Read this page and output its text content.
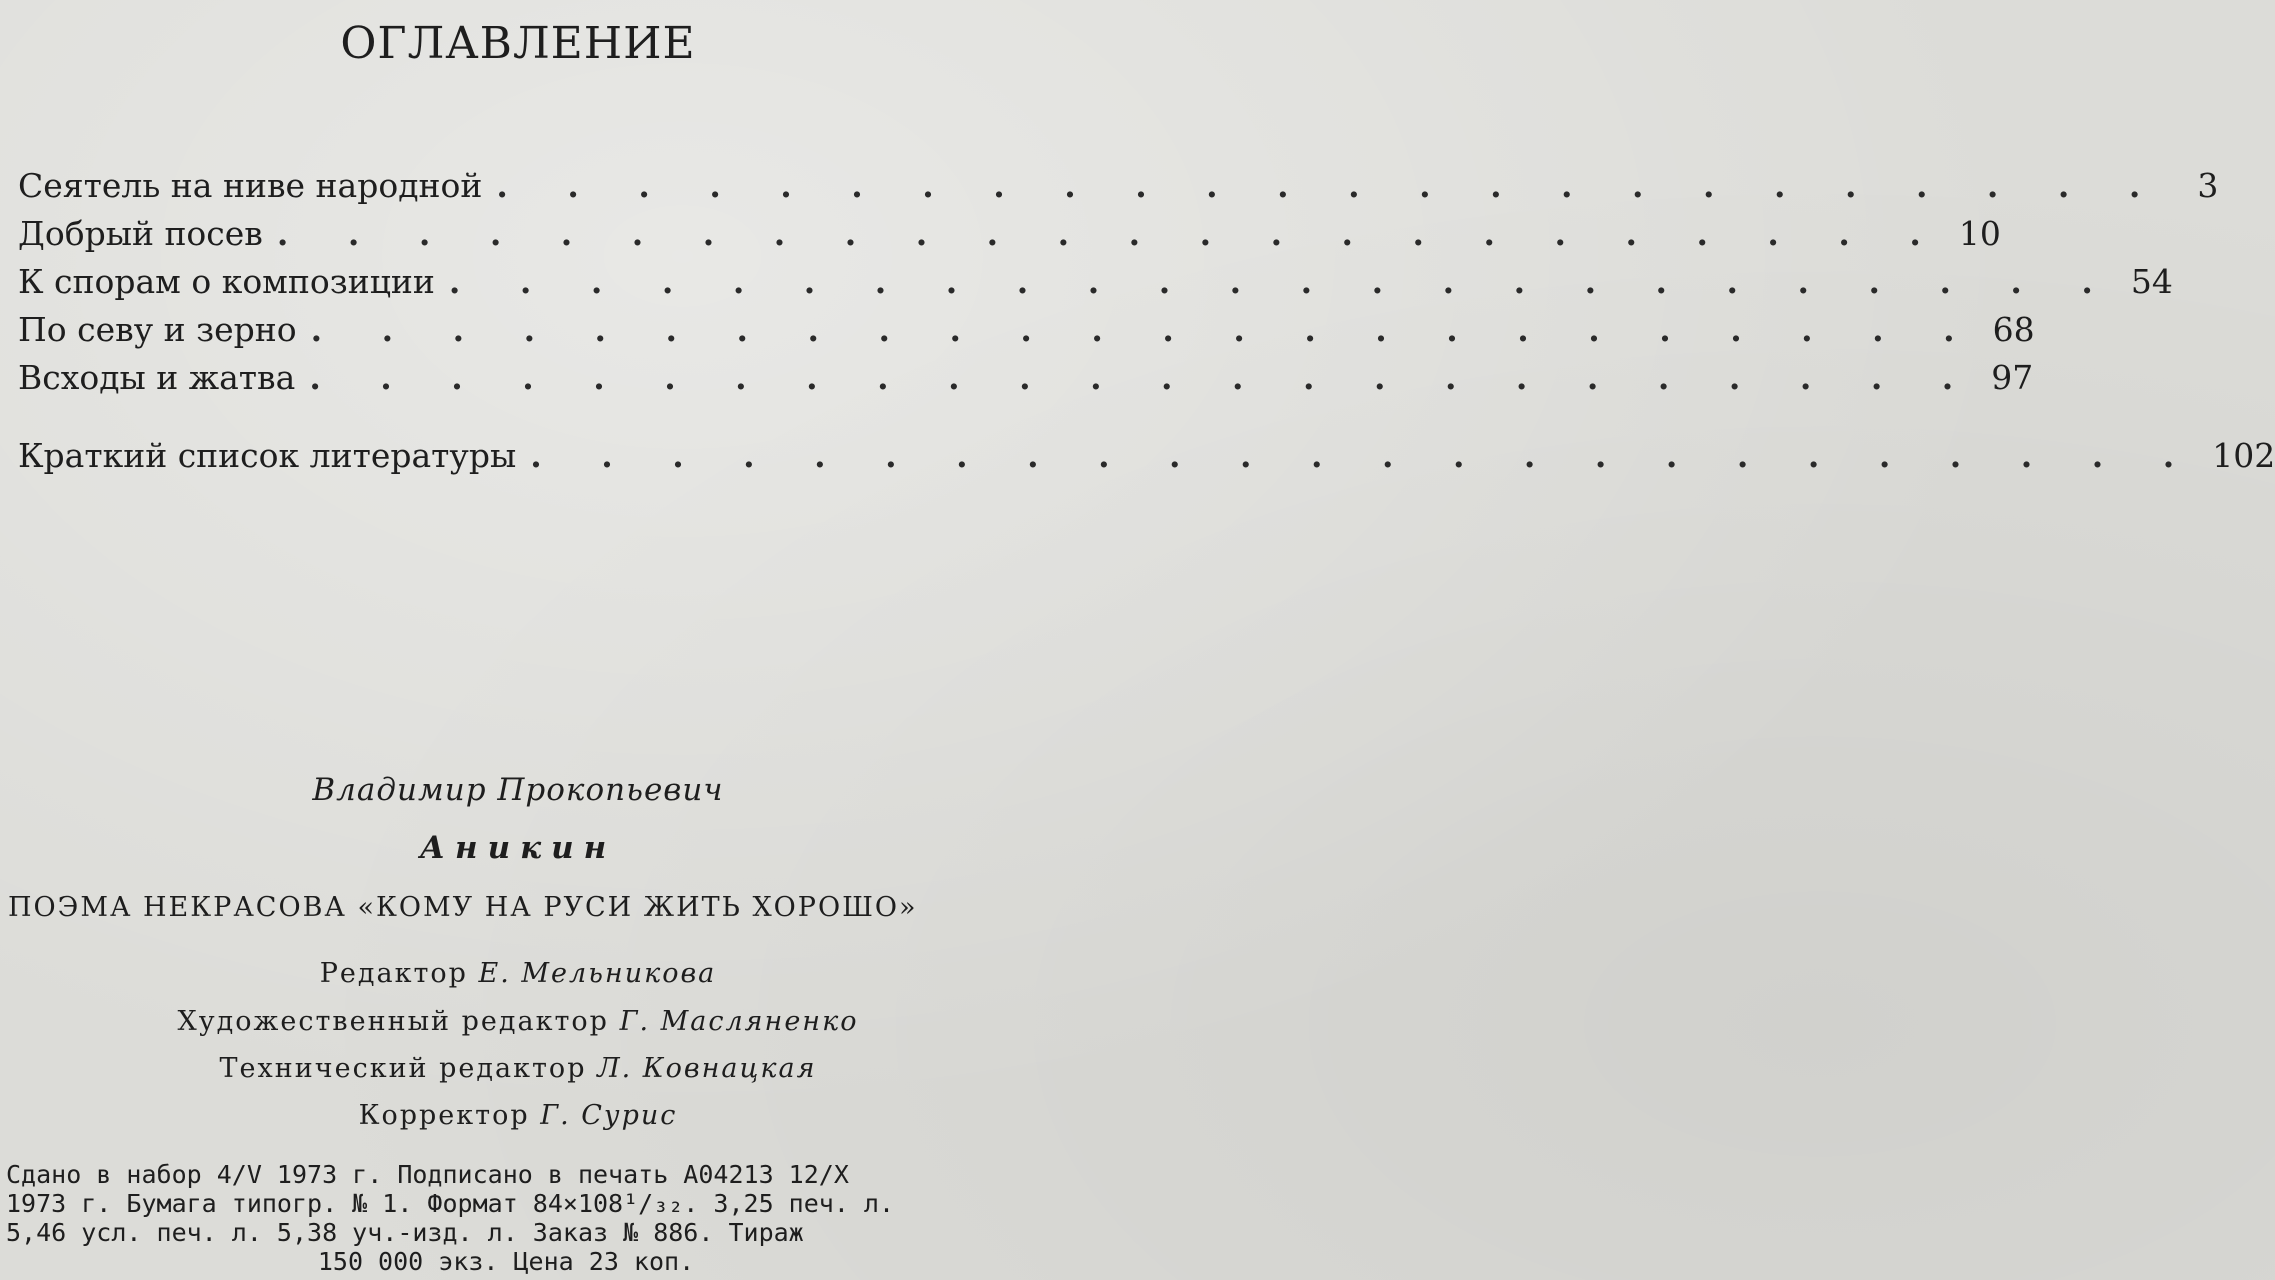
ОГЛАВЛЕНИЕ
Сеятель на ниве народной . . . . . . . . . . . . . . . . . . . . . . . .	3
Добрый посев . . . . . . . . . . . . . . . . . . . . . . . . 10
К спорам о композиции . . . . . . . . . . . . . . . . . . . . . . . . 54
По севу и зерно . . . . . . . . . . . . . . . . . . . . . . . . 68
Всходы и жатва . . . . . . . . . . . . . . . . . . . . . . . . 97
Краткий список литературы . . . . . . . . . . . . . . . . . . . . . . . . 102

Владимир Прокопьевич

Аникин

ПОЭМА НЕКРАСОВА «КОМУ НА РУСИ ЖИТЬ ХОРОШО»

Редактор Е. Мельникова

Художественный редактор Г. Масляненко

Технический редактор Л. Ковнацкая

Корректор Г. Сурис

Сдано в набор 4/V 1973 г. Подписано в печать А04213 12/X
1973 г. Бумага типогр. № 1. Формат 84×108¹/₃₂. 3,25 печ. л.
5,46 усл. печ. л. 5,38 уч.-изд. л. Заказ № 886. Тираж
150 000 экз. Цена 23 коп.
